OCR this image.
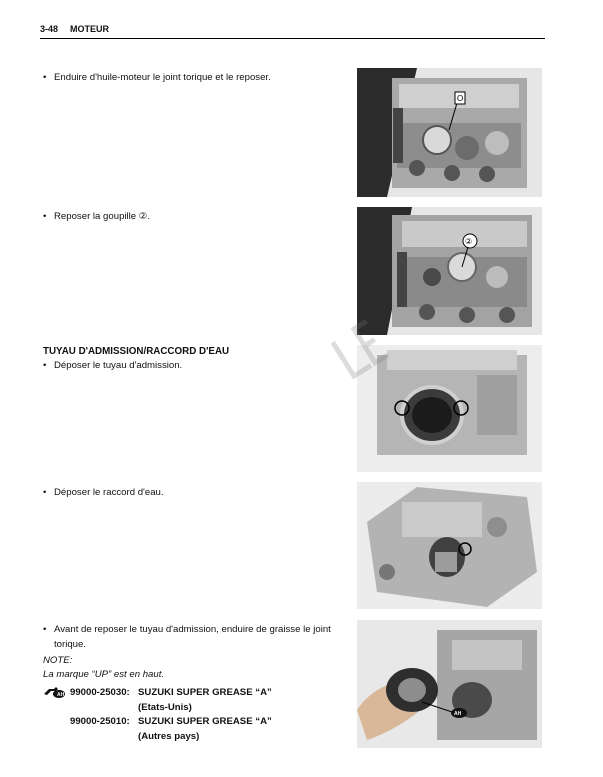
3-48 MOTEUR
• Enduire d'huile-moteur le joint torique et le reposer.
• Reposer la goupille ②.
TUYAU D'ADMISSION/RACCORD D'EAU
• Déposer le tuyau d'admission.
• Déposer le raccord d'eau.
• Avant de reposer le tuyau d'admission, enduire de graisse le joint torique.
NOTE:
La marque “UP” est en haut.
AH 99000-25030: SUZUKI SUPER GREASE “A”
(Etats-Unis)
99000-25010: SUZUKI SUPER GREASE “A”
(Autres pays)
O
②
AH
